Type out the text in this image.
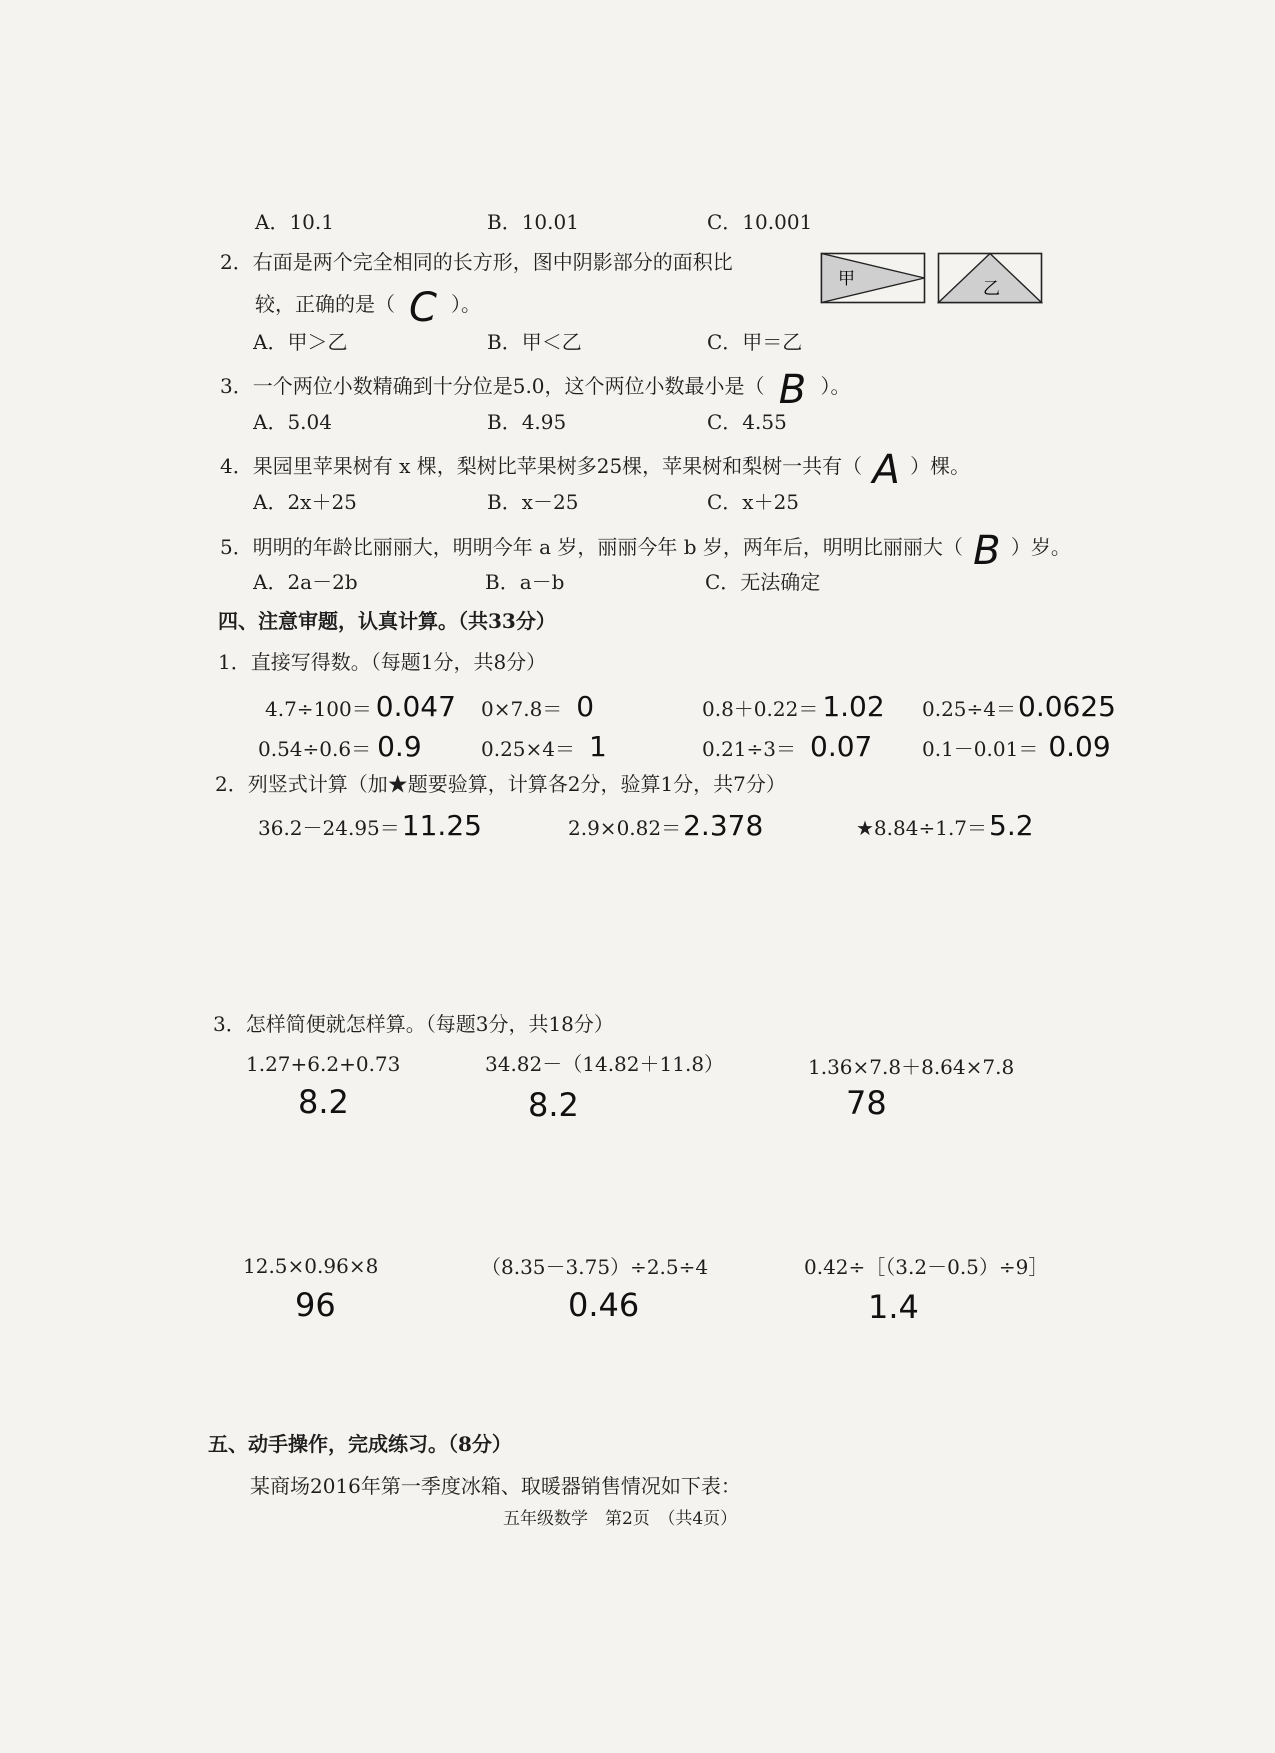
A．10.1	B．10.01	C．10.001
2．右面是两个完全相同的长方形，图中阴影部分的面积比
较，正确的是（ C ）。
甲	乙
A．甲＞乙	B．甲＜乙	C．甲＝乙
3．一个两位小数精确到十分位是5.0，这个两位小数最小是（ B ）。
A．5.04	B．4.95	C．4.55
4．果园里苹果树有 x 棵，梨树比苹果树多25棵，苹果树和梨树一共有（ A ）棵。
A．2x＋25	B．x－25	C．x＋25
5．明明的年龄比丽丽大，明明今年 a 岁，丽丽今年 b 岁，两年后，明明比丽丽大（ B ）岁。
A．2a－2b	B．a－b	C．无法确定
四、注意审题，认真计算。（共33分）
1．直接写得数。（每题1分，共8分）
4.7÷100＝ 0.047 0×7.8＝ 0	0.8＋0.22＝ 1.02 0.25÷4＝0.0625
0.54÷0.6＝ 0.9	0.25×4＝ 1	0.21÷3＝ 0.07 0.1－0.01＝ 0.09
2．列竖式计算（加★题要验算，计算各2分，验算1分，共7分）
36.2－24.95＝11.25	2.9×0.82＝2.378	★8.84÷1.7＝5.2
3．怎样简便就怎样算。（每题3分，共18分）
1.27+6.2+0.73
8.2
34.82－（14.82＋11.8）
8.2
1.36×7.8＋8.64×7.8
78
12.5×0.96×8
96
（8.35－3.75）÷2.5÷4
0.46
0.42÷［（3.2－0.5）÷9］
1.4
五、动手操作，完成练习。（8分）
某商场2016年第一季度冰箱、取暖器销售情况如下表：
五年级数学　第2页　（共4页）
